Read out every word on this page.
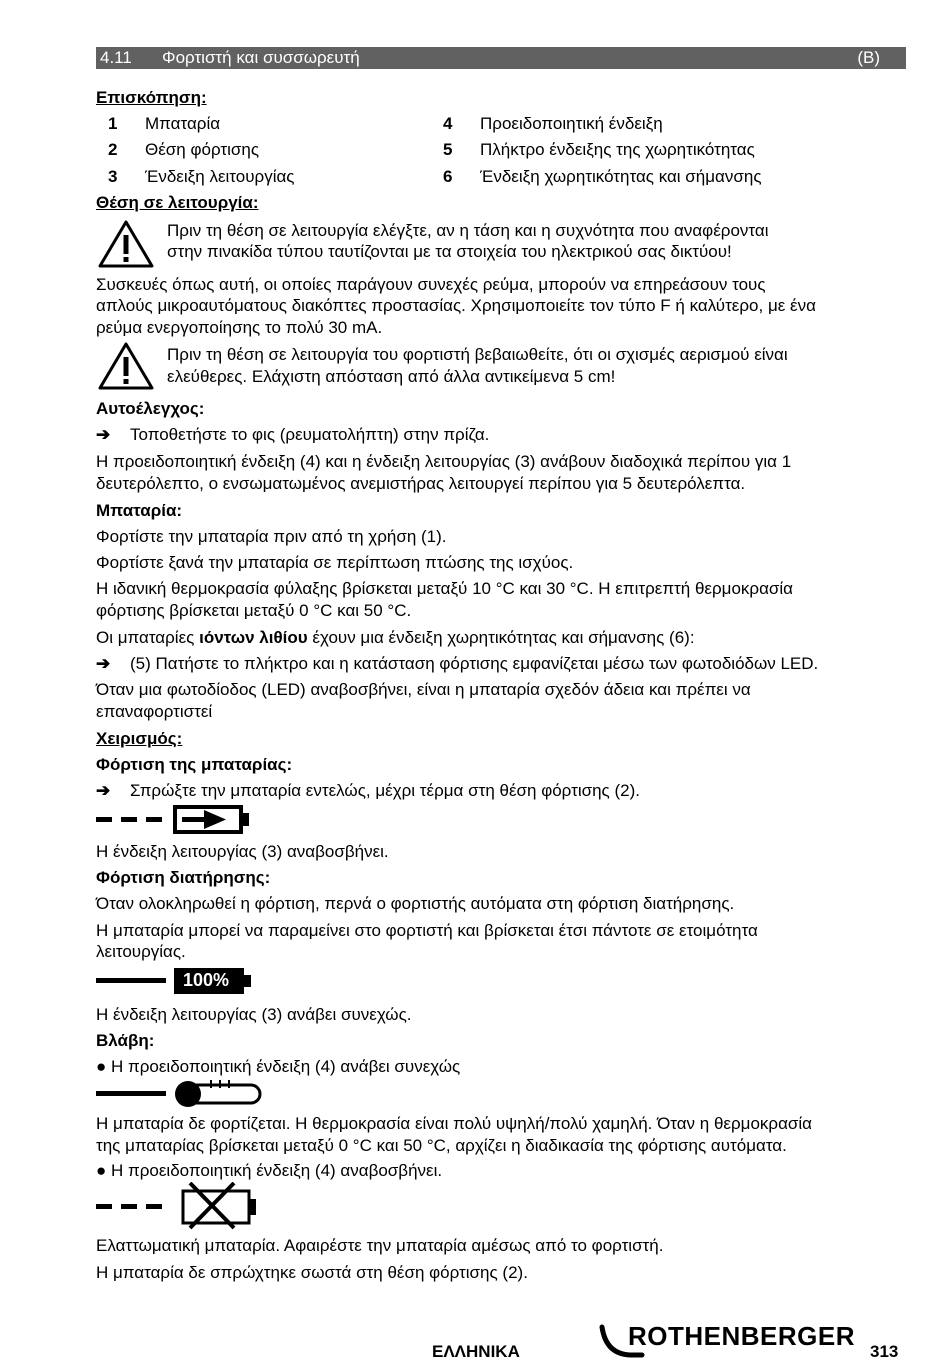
4.11 Φορτιστή και συσσωρευτή	(B)
Επισκόπηση:
1 Μπαταρία
2 Θέση φόρτισης
3 Ένδειξη λειτουργίας
4 Προειδοποιητική ένδειξη
5 Πλήκτρο ένδειξης της χωρητικότητας
6 Ένδειξη χωρητικότητας και σήμανσης
Θέση σε λειτουργία:
Πριν τη θέση σε λειτουργία ελέγξτε, αν η τάση και η συχνότητα που αναφέρονται
στην πινακίδα τύπου ταυτίζονται με τα στοιχεία του ηλεκτρικού σας δικτύου!
Συσκευές όπως αυτή, οι οποίες παράγουν συνεχές ρεύμα, μπορούν να επηρεάσουν τους
απλούς μικροαυτόματους διακόπτες προστασίας. Χρησιμοποιείτε τον τύπο F ή καλύτερο, με ένα
ρεύμα ενεργοποίησης το πολύ 30 mA.
Πριν τη θέση σε λειτουργία του φορτιστή βεβαιωθείτε, ότι οι σχισμές αερισμού είναι
ελεύθερες. Ελάχιστη απόσταση από άλλα αντικείμενα 5 cm!
Αυτοέλεγχος:
➔ Τοποθετήστε το φις (ρευματολήπτη) στην πρίζα.
Η προειδοποιητική ένδειξη (4) και η ένδειξη λειτουργίας (3) ανάβουν διαδοχικά περίπου για 1
δευτερόλεπτο, ο ενσωματωμένος ανεμιστήρας λειτουργεί περίπου για 5 δευτερόλεπτα.
Μπαταρία:
Φορτίστε την μπαταρία πριν από τη χρήση (1).
Φορτίστε ξανά την μπαταρία σε περίπτωση πτώσης της ισχύος.
Η ιδανική θερμοκρασία φύλαξης βρίσκεται μεταξύ 10 °C και 30 °C. Η επιτρεπτή θερμοκρασία
φόρτισης βρίσκεται μεταξύ 0 °C και 50 °C.
Οι μπαταρίες ιόντων λιθίου έχουν μια ένδειξη χωρητικότητας και σήμανσης (6):
➔ (5) Πατήστε το πλήκτρο και η κατάσταση φόρτισης εμφανίζεται μέσω των φωτοδιόδων LED.
Όταν μια φωτοδίοδος (LED) αναβοσβήνει, είναι η μπαταρία σχεδόν άδεια και πρέπει να
επαναφορτιστεί
Χειρισμός:
Φόρτιση της μπαταρίας:
➔ Σπρώξτε την μπαταρία εντελώς, μέχρι τέρμα στη θέση φόρτισης (2).
Η ένδειξη λειτουργίας (3) αναβοσβήνει.
Φόρτιση διατήρησης:
Όταν ολοκληρωθεί η φόρτιση, περνά ο φορτιστής αυτόματα στη φόρτιση διατήρησης.
Η μπαταρία μπορεί να παραμείνει στο φορτιστή και βρίσκεται έτσι πάντοτε σε ετοιμότητα
λειτουργίας.
100%
Η ένδειξη λειτουργίας (3) ανάβει συνεχώς.
Βλάβη:
● Η προειδοποιητική ένδειξη (4) ανάβει συνεχώς
Η μπαταρία δε φορτίζεται. Η θερμοκρασία είναι πολύ υψηλή/πολύ χαμηλή. Όταν η θερμοκρασία
της μπαταρίας βρίσκεται μεταξύ 0 °C και 50 °C, αρχίζει η διαδικασία της φόρτισης αυτόματα.
● Η προειδοποιητική ένδειξη (4) αναβοσβήνει.
Ελαττωματική μπαταρία. Αφαιρέστε την μπαταρία αμέσως από το φορτιστή.
Η μπαταρία δε σπρώχτηκε σωστά στη θέση φόρτισης (2).
ΕΛΛΗΝΙΚΑ
ROTHENBERGER
313
